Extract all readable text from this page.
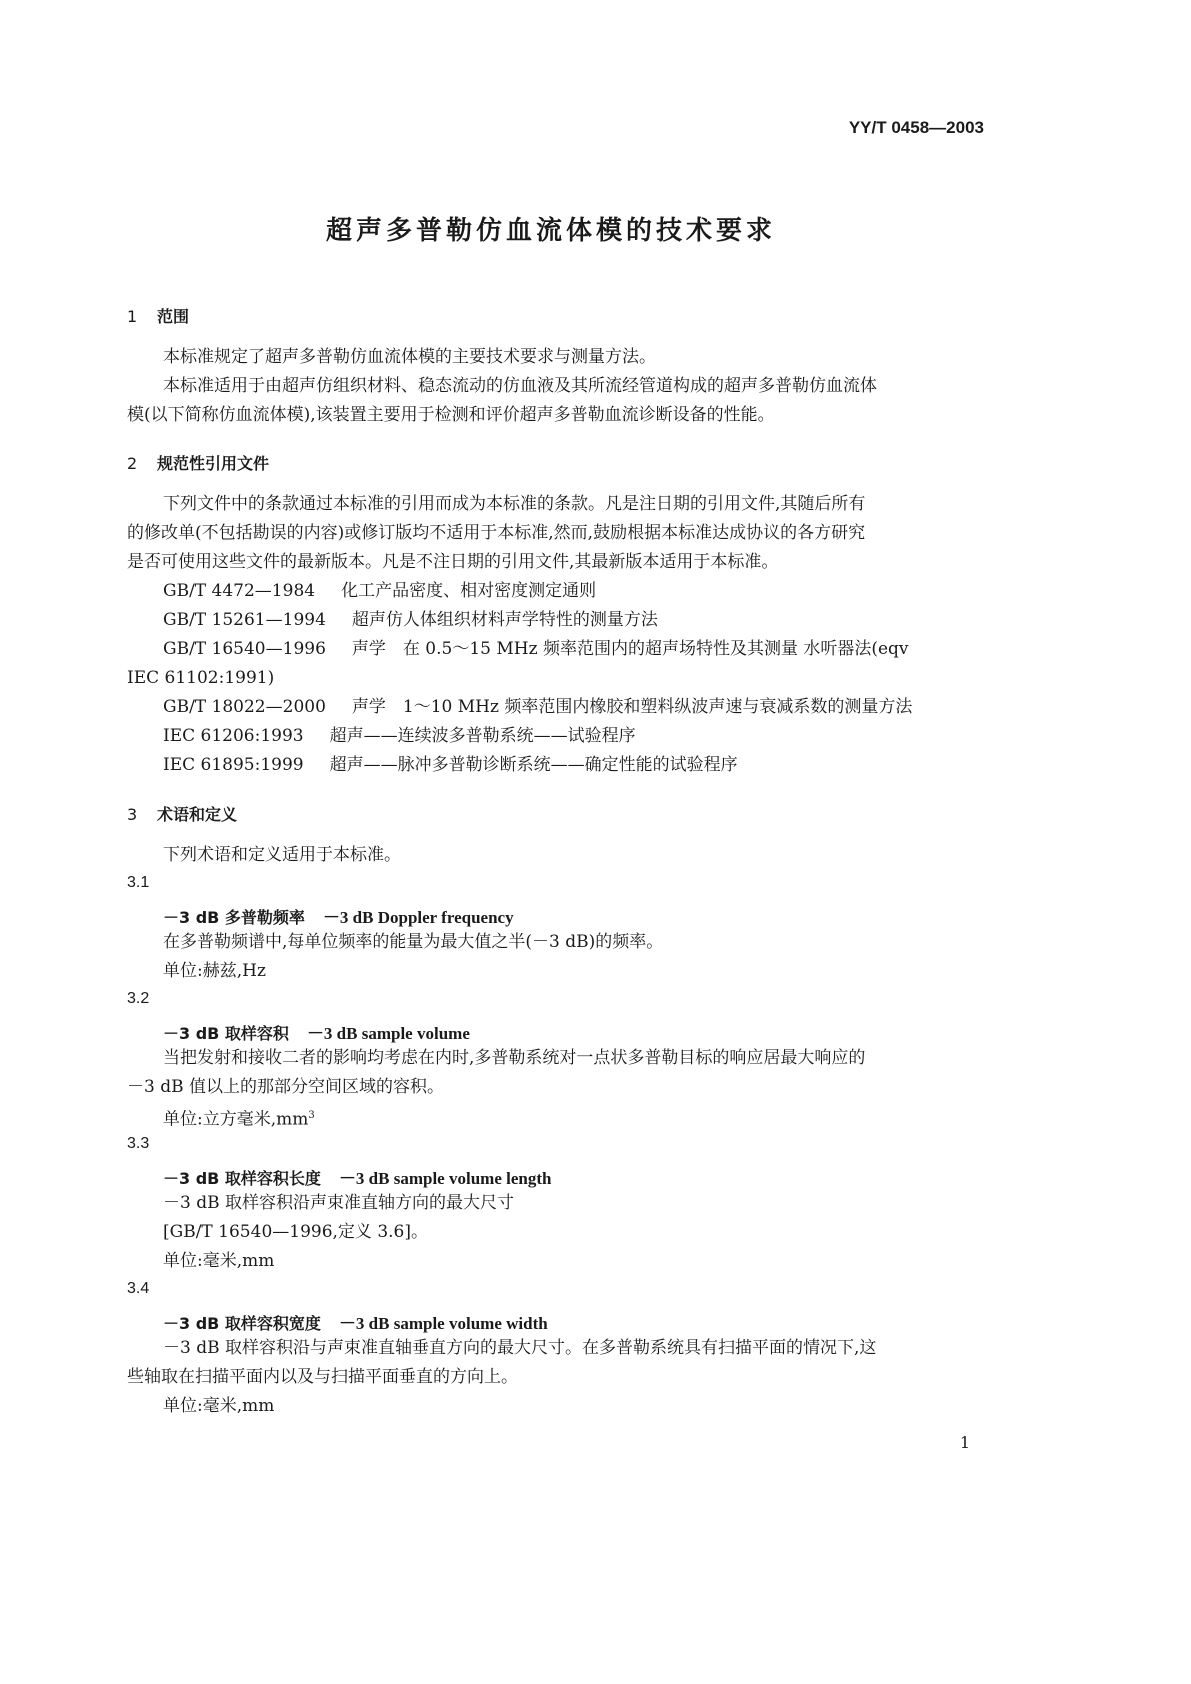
YY/T 0458—2003
超声多普勒仿血流体模的技术要求
1 范围
本标准规定了超声多普勒仿血流体模的主要技术要求与测量方法。
本标准适用于由超声仿组织材料、稳态流动的仿血液及其所流经管道构成的超声多普勒仿血流体
模(以下简称仿血流体模),该装置主要用于检测和评价超声多普勒血流诊断设备的性能。
2 规范性引用文件
下列文件中的条款通过本标准的引用而成为本标准的条款。凡是注日期的引用文件,其随后所有
的修改单(不包括勘误的内容)或修订版均不适用于本标准,然而,鼓励根据本标准达成协议的各方研究
是否可使用这些文件的最新版本。凡是不注日期的引用文件,其最新版本适用于本标准。
GB/T 4472—1984 化工产品密度、相对密度测定通则
GB/T 15261—1994 超声仿人体组织材料声学特性的测量方法
GB/T 16540—1996 声学　在 0.5～15 MHz 频率范围内的超声场特性及其测量 水听器法(eqv
IEC 61102:1991)
GB/T 18022—2000 声学　1～10 MHz 频率范围内橡胶和塑料纵波声速与衰减系数的测量方法
IEC 61206:1993 超声——连续波多普勒系统——试验程序
IEC 61895:1999 超声——脉冲多普勒诊断系统——确定性能的试验程序
3 术语和定义
下列术语和定义适用于本标准。
3.1
－3 dB 多普勒频率 －3 dB Doppler frequency
在多普勒频谱中,每单位频率的能量为最大值之半(－3 dB)的频率。
单位:赫兹,Hz
3.2
－3 dB 取样容积 －3 dB sample volume
当把发射和接收二者的影响均考虑在内时,多普勒系统对一点状多普勒目标的响应居最大响应的
－3 dB 值以上的那部分空间区域的容积。
单位:立方毫米$,mm^3$
3.3
－3 dB 取样容积长度 －3 dB sample volume length
－3 dB 取样容积沿声束准直轴方向的最大尺寸
[GB/T 16540—1996,定义 3.6]。
单位:毫米,mm
3.4
－3 dB 取样容积宽度 －3 dB sample volume width
－3 dB 取样容积沿与声束准直轴垂直方向的最大尺寸。在多普勒系统具有扫描平面的情况下,这
些轴取在扫描平面内以及与扫描平面垂直的方向上。
单位:毫米,mm
1
